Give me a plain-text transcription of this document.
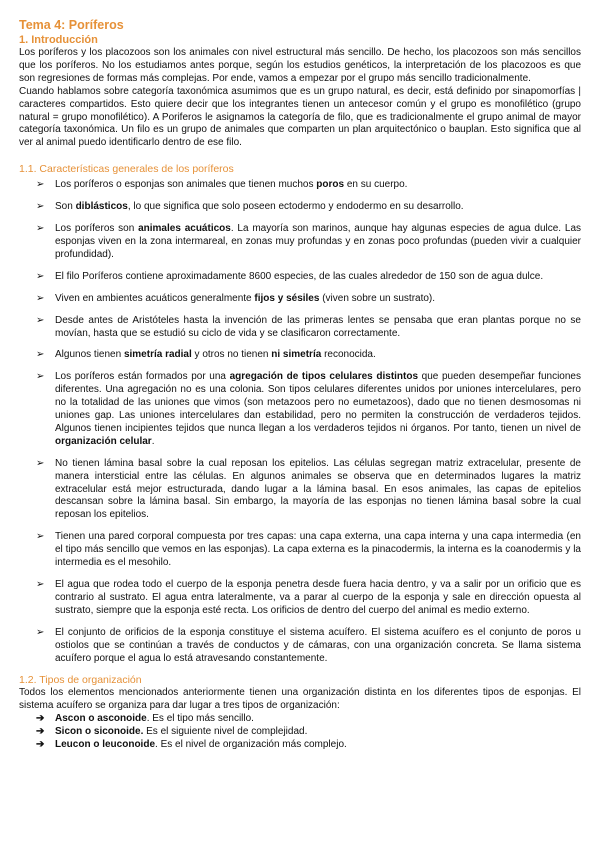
Tema 4: Poríferos
1. Introducción

Los poríferos y los placozoos son los animales con nivel estructural más sencillo. De hecho, los placozoos son más sencillos que los poríferos. No los estudiamos antes porque, según los estudios genéticos, la interpretación de los placozoos es que son regresiones de formas más complejas. Por ende, vamos a empezar por el grupo más sencillo tradicionalmente.

Cuando hablamos sobre categoría taxonómica asumimos que es un grupo natural, es decir, está definido por sinapomorfías | caracteres compartidos. Esto quiere decir que los integrantes tienen un antecesor común y el grupo es monofilético (grupo natural = grupo monofilético). A Poriferos le asignamos la categoría de filo, que es tradicionalmente el grupo animal de mayor categoría taxonómica. Un filo es un grupo de animales que comparten un plan arquitectónico o bauplan. Esto significa que al ver al animal puedo identificarlo dentro de ese filo.

1.1. Características generales de los poríferos
➢ Los poríferos o esponjas son animales que tienen muchos poros en su cuerpo.
➢ Son diblásticos, lo que significa que solo poseen ectodermo y endodermo en su desarrollo.
➢ Los poríferos son animales acuáticos. La mayoría son marinos, aunque hay algunas especies de agua dulce. Las esponjas viven en la zona intermareal, en zonas muy profundas y en zonas poco profundas (pueden vivir a cualquier profundidad).
➢ El filo Poríferos contiene aproximadamente 8600 especies, de las cuales alrededor de 150 son de agua dulce.
➢ Viven en ambientes acuáticos generalmente fijos y sésiles (viven sobre un sustrato).
➢ Desde antes de Aristóteles hasta la invención de las primeras lentes se pensaba que eran plantas porque no se movían, hasta que se estudió su ciclo de vida y se clasificaron correctamente.
➢ Algunos tienen simetría radial y otros no tienen ni simetría reconocida.
➢ Los poríferos están formados por una agregación de tipos celulares distintos que pueden desempeñar funciones diferentes. Una agregación no es una colonia. Son tipos celulares diferentes unidos por uniones intercelulares, pero no la totalidad de las uniones que vimos (son metazoos pero no eumetazoos), dado que no tienen desmosomas ni uniones gap. Las uniones intercelulares dan estabilidad, pero no permiten la construcción de verdaderos tejidos. Algunos tienen incipientes tejidos que nunca llegan a los verdaderos tejidos ni órganos. Por tanto, tienen un nivel de organización celular.
➢ No tienen lámina basal sobre la cual reposan los epitelios. Las células segregan matriz extracelular, presente de manera intersticial entre las células. En algunos animales se observa que en determinados lugares la matriz extracelular está mejor estructurada, dando lugar a la lámina basal. En esos animales, las capas de epitelios descansan sobre la lámina basal. Sin embargo, la mayoría de las esponjas no tienen lámina basal sobre la cual reposan los epitelios.
➢ Tienen una pared corporal compuesta por tres capas: una capa externa, una capa interna y una capa intermedia (en el tipo más sencillo que vemos en las esponjas). La capa externa es la pinacodermis, la interna es la coanodermis y la intermedia es el mesohilo.
➢ El agua que rodea todo el cuerpo de la esponja penetra desde fuera hacia dentro, y va a salir por un orificio que es contrario al sustrato. El agua entra lateralmente, va a parar al cuerpo de la esponja y sale en dirección opuesta al sustrato, siempre que la esponja esté recta. Los orificios de dentro del cuerpo del animal es medio externo.
➢ El conjunto de orificios de la esponja constituye el sistema acuífero. El sistema acuífero es el conjunto de poros u ostiolos que se continúan a través de conductos y de cámaras, con una organización concreta. Se llama sistema acuífero porque el agua lo está atravesando constantemente.
1.2. Tipos de organización

Todos los elementos mencionados anteriormente tienen una organización distinta en los diferentes tipos de esponjas. El sistema acuífero se organiza para dar lugar a tres tipos de organización:

➔ Ascon o asconoide. Es el tipo más sencillo.
➔ Sicon o siconoide. Es el siguiente nivel de complejidad.
➔ Leucon o leuconoide. Es el nivel de organización más complejo.
